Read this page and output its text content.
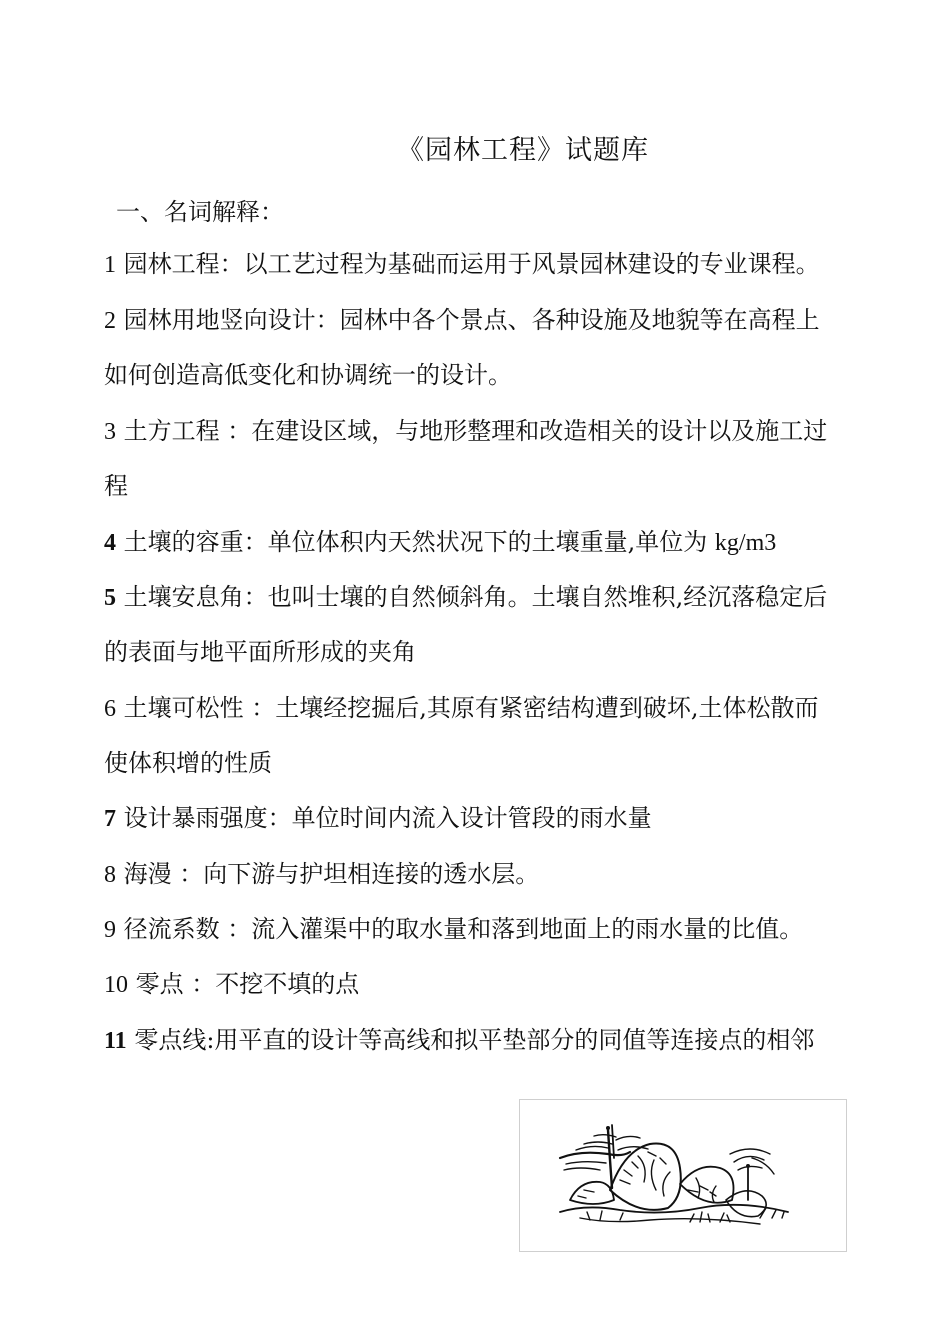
《园林工程》试题库
一、名词解释：
1 园林工程：以工艺过程为基础而运用于风景园林建设的专业课程。
2 园林用地竖向设计：园林中各个景点、各种设施及地貌等在高程上
如何创造高低变化和协调统一的设计。
3 土方工程 ：在建设区域，与地形整理和改造相关的设计以及施工过
程
4 土壤的容重：单位体积内天然状况下的土壤重量,单位为 kg/m3
5 土壤安息角：也叫士壤的自然倾斜角。土壤自然堆积,经沉落稳定后
的表面与地平面所形成的夹角
6 土壤可松性 ：土壤经挖掘后,其原有紧密结构遭到破坏,土体松散而
使体积增的性质
7 设计暴雨强度：单位时间内流入设计管段的雨水量
8 海漫 ：向下游与护坦相连接的透水层。
9 径流系数 ：流入灌渠中的取水量和落到地面上的雨水量的比值。
10 零点 ：不挖不填的点
11 零点线:用平直的设计等高线和拟平垫部分的同值等连接点的相邻
